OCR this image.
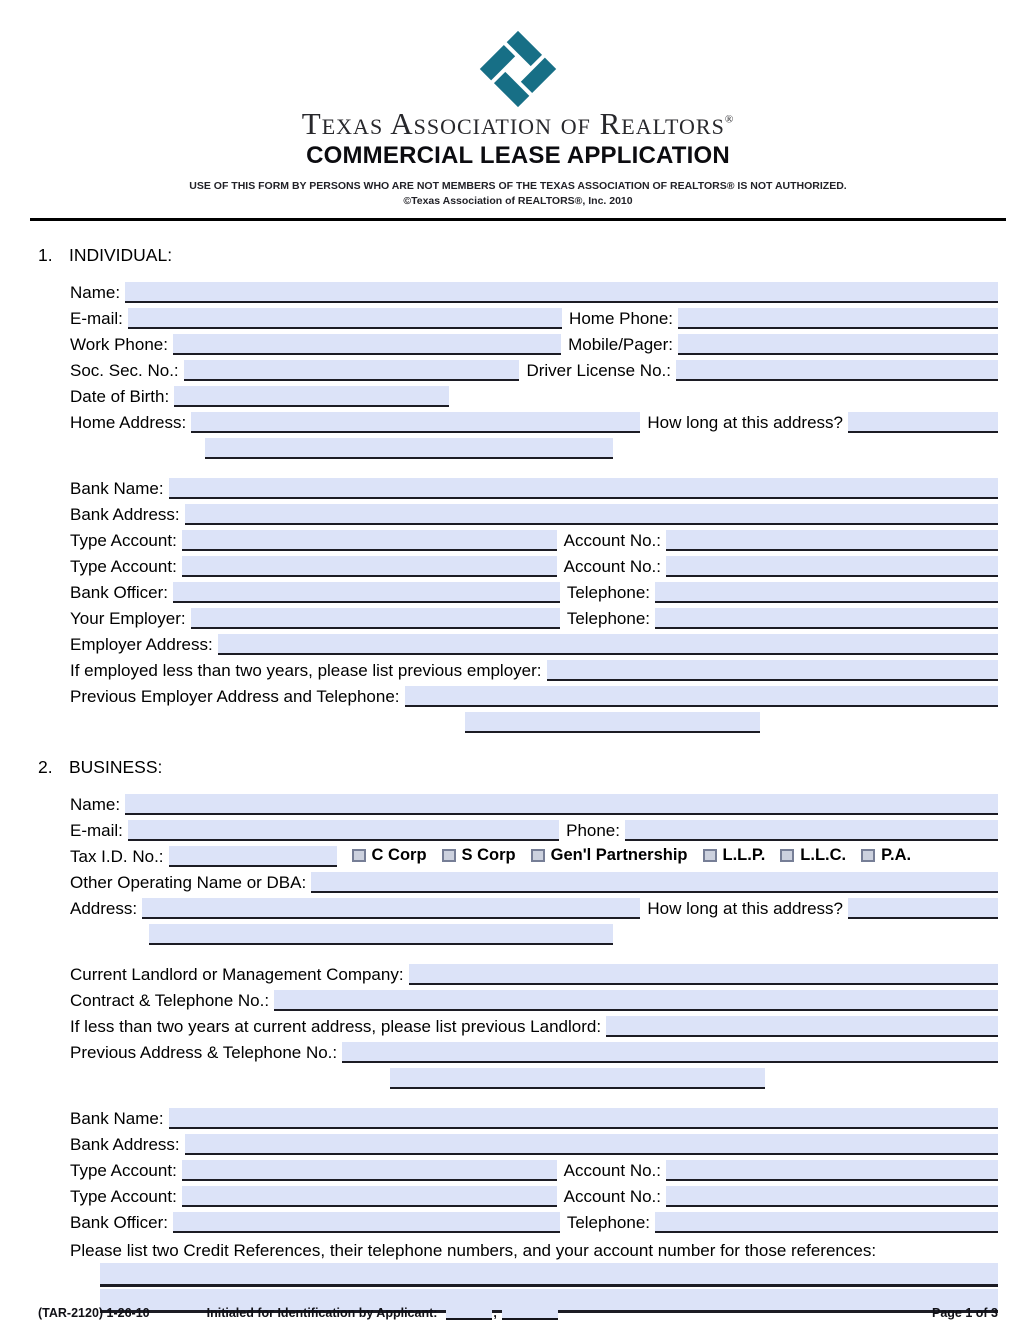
Texas Association of Realtors®
COMMERCIAL LEASE APPLICATION
USE OF THIS FORM BY PERSONS WHO ARE NOT MEMBERS OF THE TEXAS ASSOCIATION OF REALTORS® IS NOT AUTHORIZED.
©Texas Association of REALTORS®, Inc. 2010
1. INDIVIDUAL:
Name:
E-mail:	Home Phone:
Work Phone:	Mobile/Pager:
Soc. Sec. No.:	Driver License No.:
Date of Birth:
Home Address:	How long at this address?
Bank Name:
Bank Address:
Type Account:	Account No.:
Type Account:	Account No.:
Bank Officer:	Telephone:
Your Employer:	Telephone:
Employer Address:
If employed less than two years, please list previous employer:
Previous Employer Address and Telephone:
2. BUSINESS:
Name:
E-mail:	Phone:
Tax I.D. No.:	C Corp S Corp Gen'l Partnership L.L.P. L.L.C. P.A.
Other Operating Name or DBA:
Address:	How long at this address?
Current Landlord or Management Company:
Contract & Telephone No.:
If less than two years at current address, please list previous Landlord:
Previous Address & Telephone No.:
Bank Name:
Bank Address:
Type Account:	Account No.:
Type Account:	Account No.:
Bank Officer:	Telephone:
Please list two Credit References, their telephone numbers, and your account number for those references:
(TAR-2120) 1-26-10	Initialed for Identification by Applicant:	,	Page 1 of 3
